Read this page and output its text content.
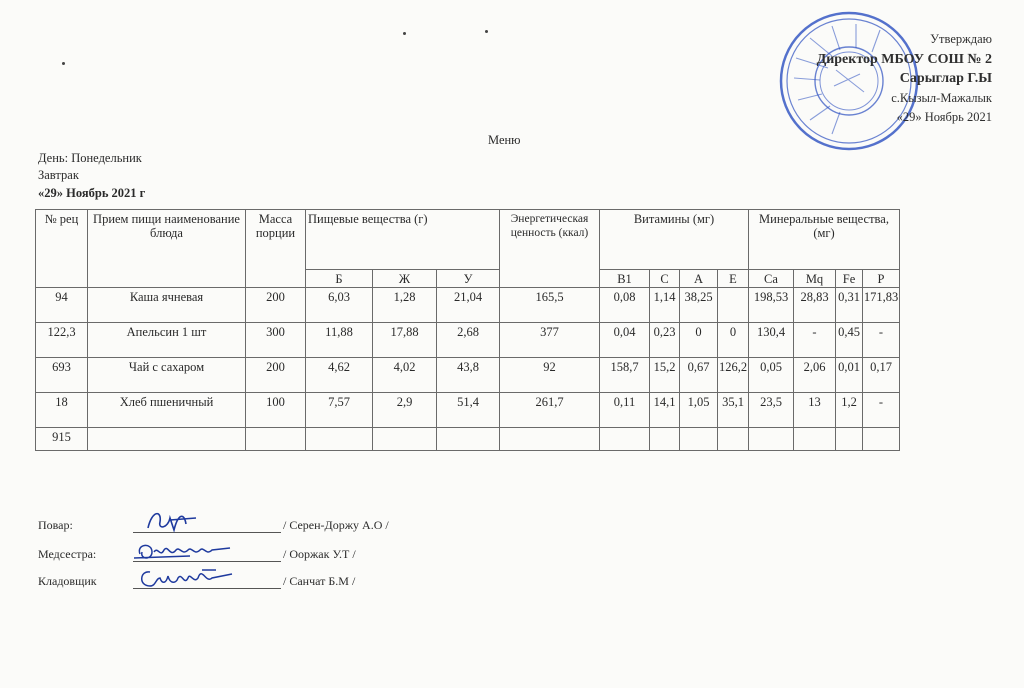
Утверждаю
Директор МБОУ СОШ № 2
Сарыглар Г.Ы
с.Кызыл-Мажалык
«29» Ноябрь 2021
Меню
День: Понедельник
Завтрак
«29» Ноябрь 2021 г
№ рец	Прием пищи наименование блюда	Масса порции	Пищевые вещества (г)			Энергетическая ценность (ккал)	Витамины (мг)				Минеральные вещества, (мг)			
			Б	Ж	У		B1	C	A	E	Ca	Mq	Fe	P
94	Каша ячневая	200	6,03	1,28	21,04	165,5	0,08	1,14	38,25		198,53	28,83	0,31	171,83
122,3	Апельсин 1 шт	300	11,88	17,88	2,68	377	0,04	0,23	0	0	130,4	-	0,45	-
693	Чай с сахаром	200	4,62	4,02	43,8	92	158,7	15,2	0,67	126,2	0,05	2,06	0,01	0,17
18	Хлеб пшеничный	100	7,57	2,9	51,4	261,7	0,11	14,1	1,05	35,1	23,5	13	1,2	-
915														
Повар:	/ Серен-Доржу А.О /
Медсестра:	/ Ооржак У.Т /
Кладовщик	/ Санчат Б.М /
